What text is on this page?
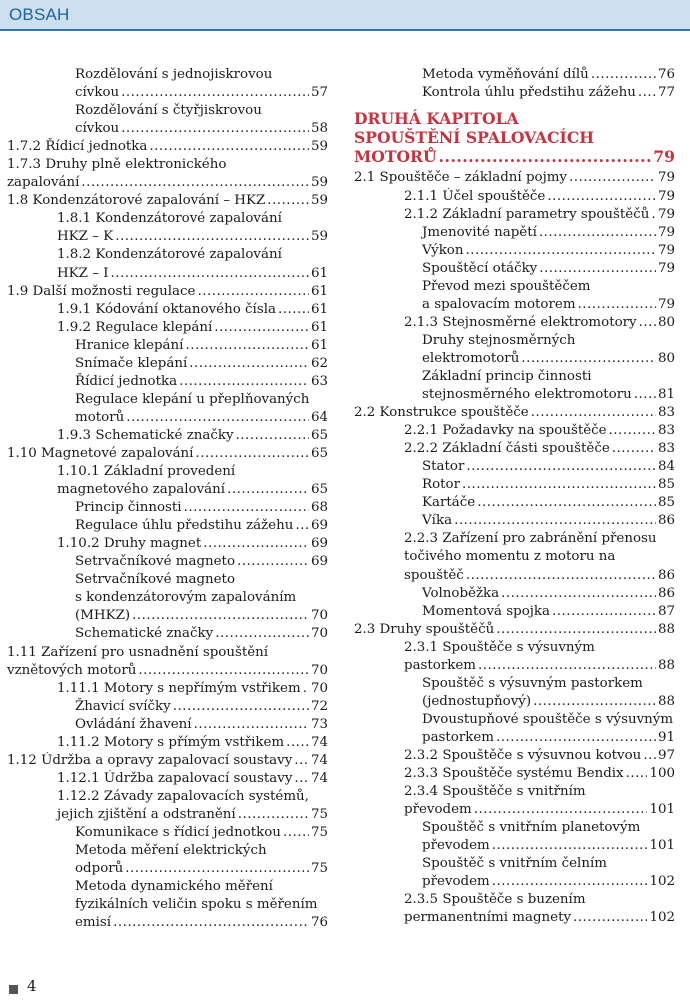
OBSAH
Rozdělování s jednojiskrovou
cívkou .....	57
Rozdělování s čtyřjiskrovou
cívkou .....	58
1.7.2 Řídicí jednotka .....	59
1.7.3 Druhy plně elektronického
zapalování .....	59
1.8 Kondenzátorové zapalování – HKZ .....	59
1.8.1 Kondenzátorové zapalování
HKZ – K .....	59
1.8.2 Kondenzátorové zapalování
HKZ – I .....	61
1.9 Další možnosti regulace .....	61
1.9.1 Kódování oktanového čísla .....	61
1.9.2 Regulace klepání .....	61
Hranice klepání .....	61
Snímače klepání .....	62
Řídicí jednotka .....	63
Regulace klepání u přeplňovaných
motorů .....	64
1.9.3 Schematické značky .....	65
1.10 Magnetové zapalování .....	65
1.10.1 Základní provedení
magnetového zapalování .....	65
Princip činnosti .....	68
Regulace úhlu předstihu zážehu ..... 69
1.10.2 Druhy magnet .....	69
Setrvačníkové magneto .....	69
Setrvačníkové magneto
s kondenzátorovým zapalováním
(MHKZ) .....	70
Schematické značky .....	70
1.11 Zařízení pro usnadnění spouštění
vznětových motorů .....	70
1.11.1 Motory s nepřímým vstřikem ..... 70
Žhavicí svíčky .....	72
Ovládání žhavení .....	73
1.11.2 Motory s přímým vstřikem ..... 74
1.12 Údržba a opravy zapalovací soustavy ..... 74
1.12.1 Údržba zapalovací soustavy ..... 74
1.12.2 Závady zapalovacích systémů,
jejich zjištění a odstranění .....	75
Komunikace s řídicí jednotkou ..... 75
Metoda měření elektrických
odporů .....	75
Metoda dynamického měření
fyzikálních veličin spoku s měřením
emisí .....	76
Metoda vyměňování dílů .....	76
Kontrola úhlu předstihu zážehu ..... 77
DRUHÁ KAPITOLA
SPOUŠTĚNÍ SPALOVACÍCH
MOTORŮ .....	79
2.1 Spouštěče – základní pojmy .....	79
2.1.1 Účel spouštěče .....	79
2.1.2 Základní parametry spouštěčů ..... 79
Jmenovité napětí .....	79
Výkon .....	79
Spouštěcí otáčky .....	79
Převod mezi spouštěčem
a spalovacím motorem .....	79
2.1.3 Stejnosměrné elektromotory ..... 80
Druhy stejnosměrných
elektromotorů .....	80
Základní princip činnosti
stejnosměrného elektromotoru ..... 81
2.2 Konstrukce spouštěče .....	83
2.2.1 Požadavky na spouštěče .....	83
2.2.2 Základní části spouštěče .....	83
Stator .....	84
Rotor .....	85
Kartáče .....	85
Víka .....	86
2.2.3 Zařízení pro zabránění přenosu
točivého momentu z motoru na
spouštěč .....	86
Volnoběžka .....	86
Momentová spojka .....	87
2.3 Druhy spouštěčů .....	88
2.3.1 Spouštěče s výsuvným
pastorkem .....	88
Spouštěč s výsuvným pastorkem
(jednostupňový) .....	88
Dvoustupňové spouštěče s výsuvným
pastorkem .....	91
2.3.2 Spouštěče s výsuvnou kotvou ..... 97
2.3.3 Spouštěče systému Bendix ..... 100
2.3.4 Spouštěče s vnitřním
převodem .....	101
Spouštěč s vnitřním planetovým
převodem .....	101
Spouštěč s vnitřním čelním
převodem .....	102
2.3.5 Spouštěče s buzením
permanentními magnety .....	102
4
